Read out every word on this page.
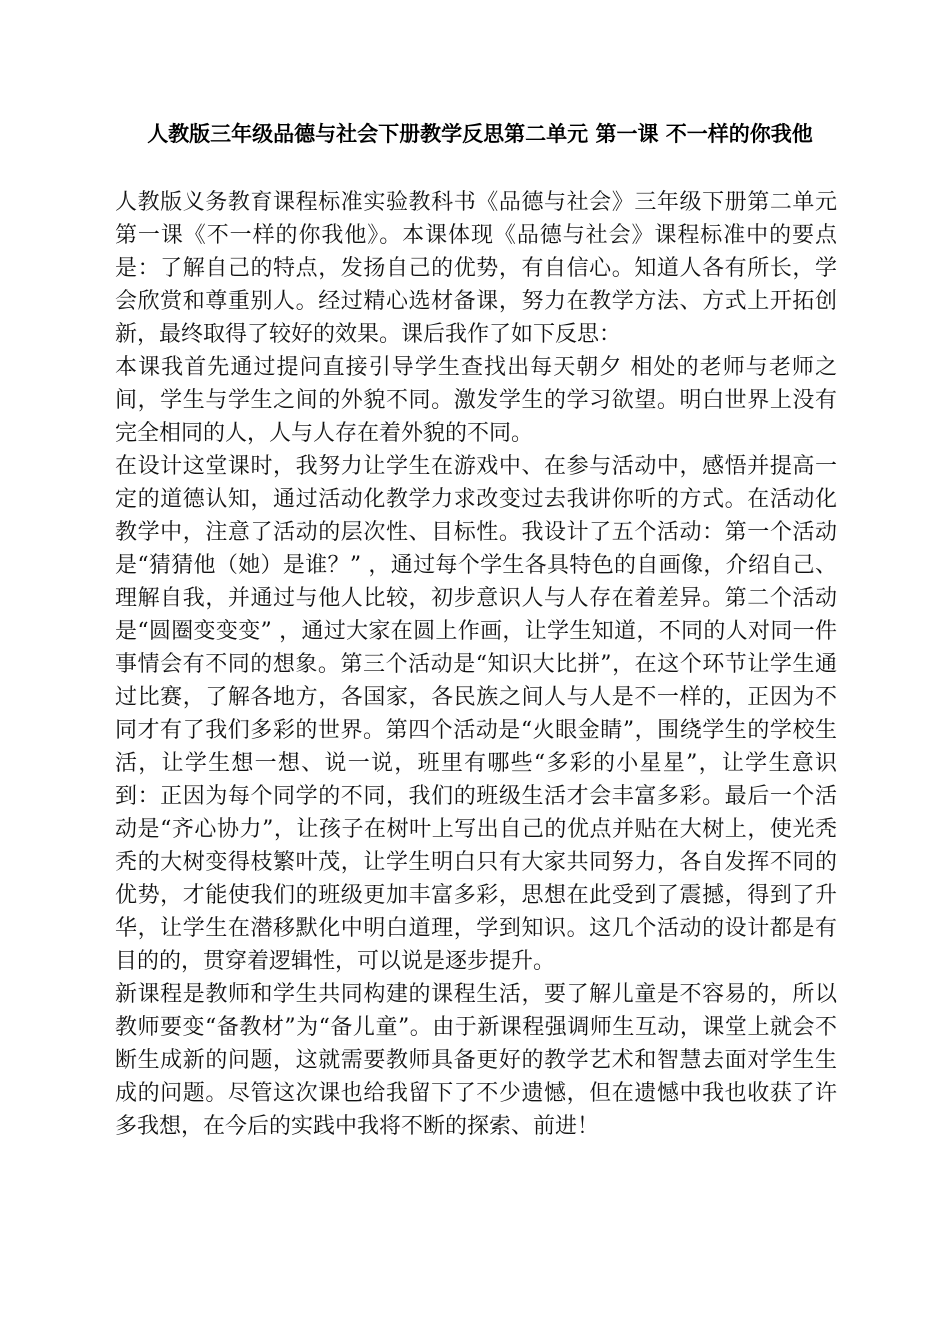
人教版三年级品德与社会下册教学反思第二单元 第一课 不一样的你我他

人教版义务教育课程标准实验教科书《品德与社会》三年级下册第二单元第一课《不一样的你我他》。本课体现《品德与社会》课程标准中的要点是：了解自己的特点，发扬自己的优势，有自信心。知道人各有所长，学会欣赏和尊重别人。经过精心选材备课，努力在教学方法、方式上开拓创新，最终取得了较好的效果。课后我作了如下反思：

本课我首先通过提问直接引导学生查找出每天朝夕 相处的老师与老师之间，学生与学生之间的外貌不同。激发学生的学习欲望。明白世界上没有完全相同的人，人与人存在着外貌的不同。

在设计这堂课时，我努力让学生在游戏中、在参与活动中，感悟并提高一定的道德认知，通过活动化教学力求改变过去我讲你听的方式。在活动化教学中，注意了活动的层次性、目标性。我设计了五个活动：第一个活动是“猜猜他（她）是谁？” ，通过每个学生各具特色的自画像，介绍自己、理解自我，并通过与他人比较，初步意识人与人存在着差异。第二个活动是“圆圈变变变” ，通过大家在圆上作画，让学生知道，不同的人对同一件事情会有不同的想象。第三个活动是“知识大比拼”，在这个环节让学生通过比赛，了解各地方，各国家，各民族之间人与人是不一样的，正因为不同才有了我们多彩的世界。第四个活动是“火眼金睛”，围绕学生的学校生活，让学生想一想、说一说，班里有哪些“多彩的小星星”，让学生意识到：正因为每个同学的不同，我们的班级生活才会丰富多彩。最后一个活动是“齐心协力”，让孩子在树叶上写出自己的优点并贴在大树上，使光秃秃的大树变得枝繁叶茂，让学生明白只有大家共同努力，各自发挥不同的优势，才能使我们的班级更加丰富多彩，思想在此受到了震撼，得到了升华，让学生在潜移默化中明白道理，学到知识。这几个活动的设计都是有目的的，贯穿着逻辑性，可以说是逐步提升。

新课程是教师和学生共同构建的课程生活，要了解儿童是不容易的，所以教师要变“备教材”为“备儿童”。由于新课程强调师生互动，课堂上就会不断生成新的问题，这就需要教师具备更好的教学艺术和智慧去面对学生生成的问题。尽管这次课也给我留下了不少遗憾，但在遗憾中我也收获了许多我想，在今后的实践中我将不断的探索、前进！
